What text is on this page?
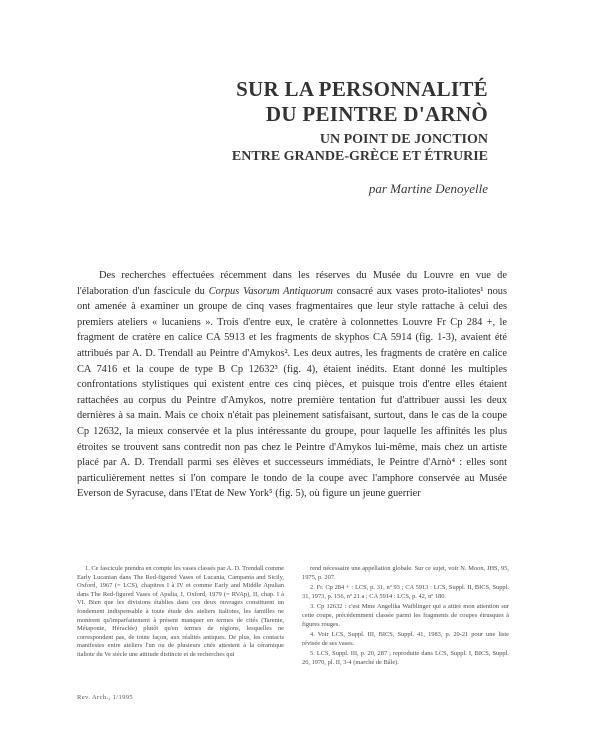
SUR LA PERSONNALITÉ
DU PEINTRE D'ARNÒ
UN POINT DE JONCTION
ENTRE GRANDE-GRÈCE ET ÉTRURIE

par Martine Denoyelle

Des recherches effectuées récemment dans les réserves du Musée du Louvre en vue de l'élaboration d'un fascicule du Corpus Vasorum Antiquorum consacré aux vases proto-italiotes¹ nous ont amenée à examiner un groupe de cinq vases fragmentaires que leur style rattache à celui des premiers ateliers « lucaniens ». Trois d'entre eux, le cratère à colonnettes Louvre Fr Cp 284 +, le fragment de cratère en calice CA 5913 et les fragments de skyphos CA 5914 (fig. 1-3), avaient été attribués par A. D. Trendall au Peintre d'Amykos². Les deux autres, les fragments de cratère en calice CA 7416 et la coupe de type B Cp 12632³ (fig. 4), étaient inédits. Etant donné les multiples confrontations stylistiques qui existent entre ces cinq pièces, et puisque trois d'entre elles étaient rattachées au corpus du Peintre d'Amykos, notre première tentation fut d'attribuer aussi les deux dernières à sa main. Mais ce choix n'était pas pleinement satisfaisant, surtout, dans le cas de la coupe Cp 12632, la mieux conservée et la plus intéressante du groupe, pour laquelle les affinités les plus étroites se trouvent sans contredit non pas chez le Peintre d'Amykos lui-même, mais chez un artiste placé par A. D. Trendall parmi ses élèves et successeurs immédiats, le Peintre d'Arnò⁴ : elles sont particulièrement nettes si l'on compare le tondo de la coupe avec l'amphore conservée au Musée Everson de Syracuse, dans l'Etat de New York⁵ (fig. 5), où figure un jeune guerrier

1. Ce fascicule prendra en compte les vases classés par A. D. Trendall comme Early Lucanian dans The Red-figured Vases of Lucania, Campania and Sicily, Oxford, 1967 (= LCS), chapitres I à IV et comme Early and Middle Apulian dans The Red-figured Vases of Apulia, I, Oxford, 1979 (= RVAp), II, chap. I à VI. Bien que les divisions établies dans ces deux ouvrages constituent un fondement indispensable à toute étude des ateliers italiotes, les familles ne montrent qu'imparfaitement à présent manquer en termes de cités (Tarente, Métaponte, Héraclée) plutôt qu'en termes de régions, lesquelles ne correspondent pas, de toute façon, aux réalités antiques. De plus, les contacts manifestes entre ateliers l'un ou de plusieurs cités attestent à la céramique italiote du Ve siècle une attitude distincte et de recherches qui

rend nécessaire une appellation globale. Sur ce sujet, voir N. Moon, JHS, 95, 1975, p. 207.

2. Fr. Cp 284 + : LCS, p. 31, nº 93 ; CA 5913 : LCS, Suppl. II, BICS, Suppl. 31, 1973, p. 156, nº 21 a ; CA 5914 : LCS, p. 42, nº 180.

3. Cp 12632 : c'est Mme Angelika Waiblinger qui a attiré mon attention sur cette coupe, précédemment classée parmi les fragments de coupes étrusques à figures rouges.

4. Voir LCS, Suppl. III, BICS, Suppl. 41, 1983, p. 20-21 pour une liste révisée de ses vases.

5. LCS, Suppl. III, p. 20, 287 ; reproduite dans LCS, Suppl. I, BICS, Suppl. 26, 1970, pl. II, 3-4 (marché de Bâle).

Rev. Arch., 1/1995
